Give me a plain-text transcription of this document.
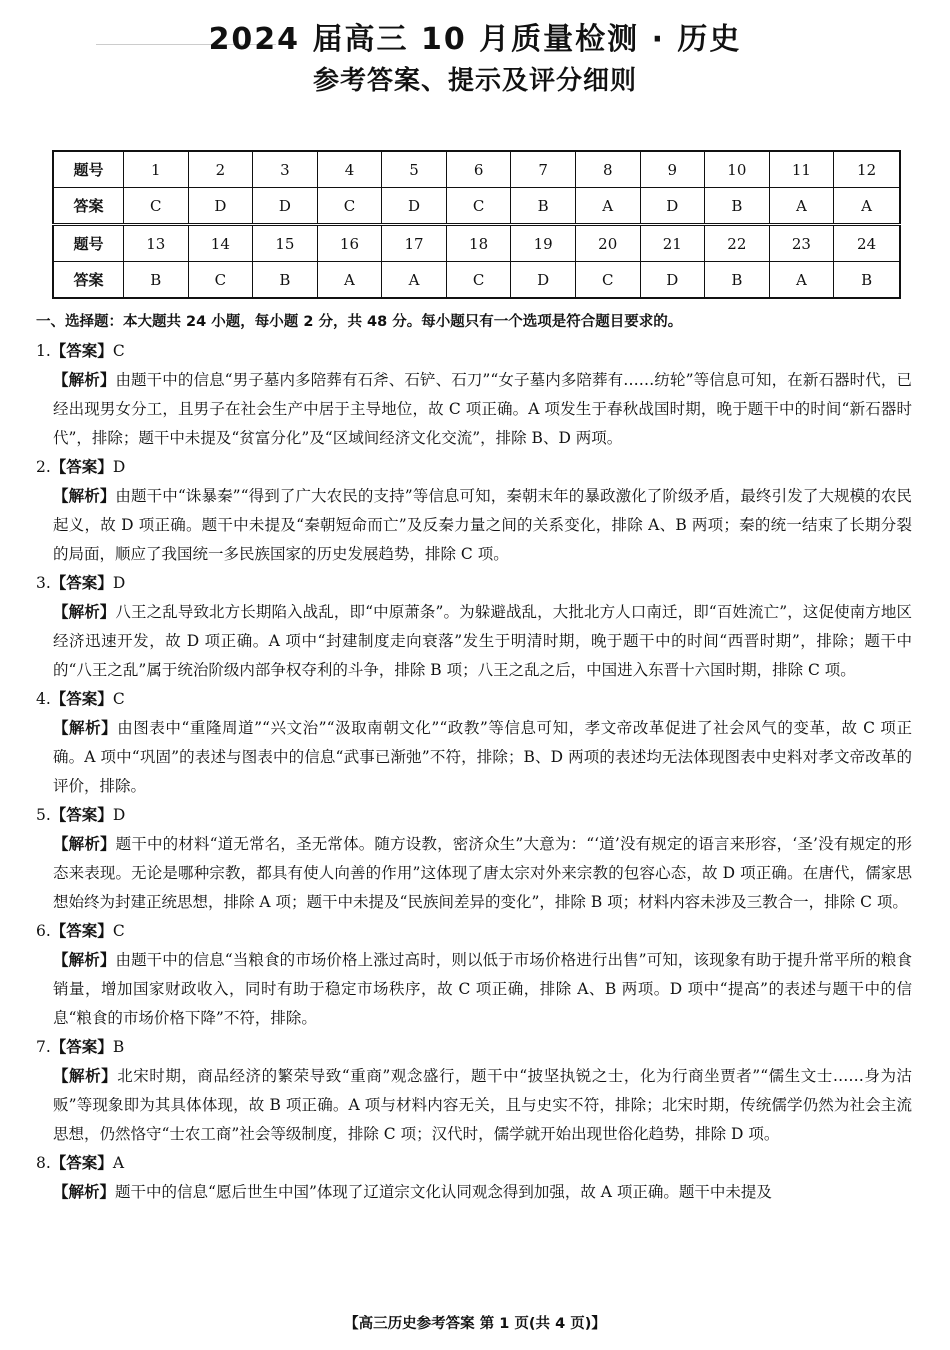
2024 届高三 10 月质量检测 · 历史
参考答案、提示及评分细则
题号	1	2	3	4	5	6	7	8	9	10	11	12
答案	C	D	D	C	D	C	B	A	D	B	A	A
题号	13	14	15	16	17	18	19	20	21	22	23	24
答案	B	C	B	A	A	C	D	C	D	B	A	B
一、选择题：本大题共 24 小题，每小题 2 分，共 48 分。每小题只有一个选项是符合题目要求的。
1.【答案】C
【解析】由题干中的信息“男子墓内多陪葬有石斧、石铲、石刀”“女子墓内多陪葬有……纺轮”等信息可知，在新石器时代，已经出现男女分工，且男子在社会生产中居于主导地位，故 C 项正确。A 项发生于春秋战国时期，晚于题干中的时间“新石器时代”，排除；题干中未提及“贫富分化”及“区域间经济文化交流”，排除 B、D 两项。
2.【答案】D
【解析】由题干中“诛暴秦”“得到了广大农民的支持”等信息可知，秦朝末年的暴政激化了阶级矛盾，最终引发了大规模的农民起义，故 D 项正确。题干中未提及“秦朝短命而亡”及反秦力量之间的关系变化，排除 A、B 两项；秦的统一结束了长期分裂的局面，顺应了我国统一多民族国家的历史发展趋势，排除 C 项。
3.【答案】D
【解析】八王之乱导致北方长期陷入战乱，即“中原萧条”。为躲避战乱，大批北方人口南迁，即“百姓流亡”，这促使南方地区经济迅速开发，故 D 项正确。A 项中“封建制度走向衰落”发生于明清时期，晚于题干中的时间“西晋时期”，排除；题干中的“八王之乱”属于统治阶级内部争权夺利的斗争，排除 B 项；八王之乱之后，中国进入东晋十六国时期，排除 C 项。
4.【答案】C
【解析】由图表中“重隆周道”“兴文治”“汲取南朝文化”“政教”等信息可知，孝文帝改革促进了社会风气的变革，故 C 项正确。A 项中“巩固”的表述与图表中的信息“武事已渐弛”不符，排除；B、D 两项的表述均无法体现图表中史料对孝文帝改革的评价，排除。
5.【答案】D
【解析】题干中的材料“道无常名，圣无常体。随方设教，密济众生”大意为：“‘道’没有规定的语言来形容，‘圣’没有规定的形态来表现。无论是哪种宗教，都具有使人向善的作用”这体现了唐太宗对外来宗教的包容心态，故 D 项正确。在唐代，儒家思想始终为封建正统思想，排除 A 项；题干中未提及“民族间差异的变化”，排除 B 项；材料内容未涉及三教合一，排除 C 项。
6.【答案】C
【解析】由题干中的信息“当粮食的市场价格上涨过高时，则以低于市场价格进行出售”可知，该现象有助于提升常平所的粮食销量，增加国家财政收入，同时有助于稳定市场秩序，故 C 项正确，排除 A、B 两项。D 项中“提高”的表述与题干中的信息“粮食的市场价格下降”不符，排除。
7.【答案】B
【解析】北宋时期，商品经济的繁荣导致“重商”观念盛行，题干中“披坚执锐之士，化为行商坐贾者”“儒生文士……身为沽贩”等现象即为其具体体现，故 B 项正确。A 项与材料内容无关，且与史实不符，排除；北宋时期，传统儒学仍然为社会主流思想，仍然恪守“士农工商”社会等级制度，排除 C 项；汉代时，儒学就开始出现世俗化趋势，排除 D 项。
8.【答案】A
【解析】题干中的信息“愿后世生中国”体现了辽道宗文化认同观念得到加强，故 A 项正确。题干中未提及
【高三历史参考答案 第 1 页(共 4 页)】
